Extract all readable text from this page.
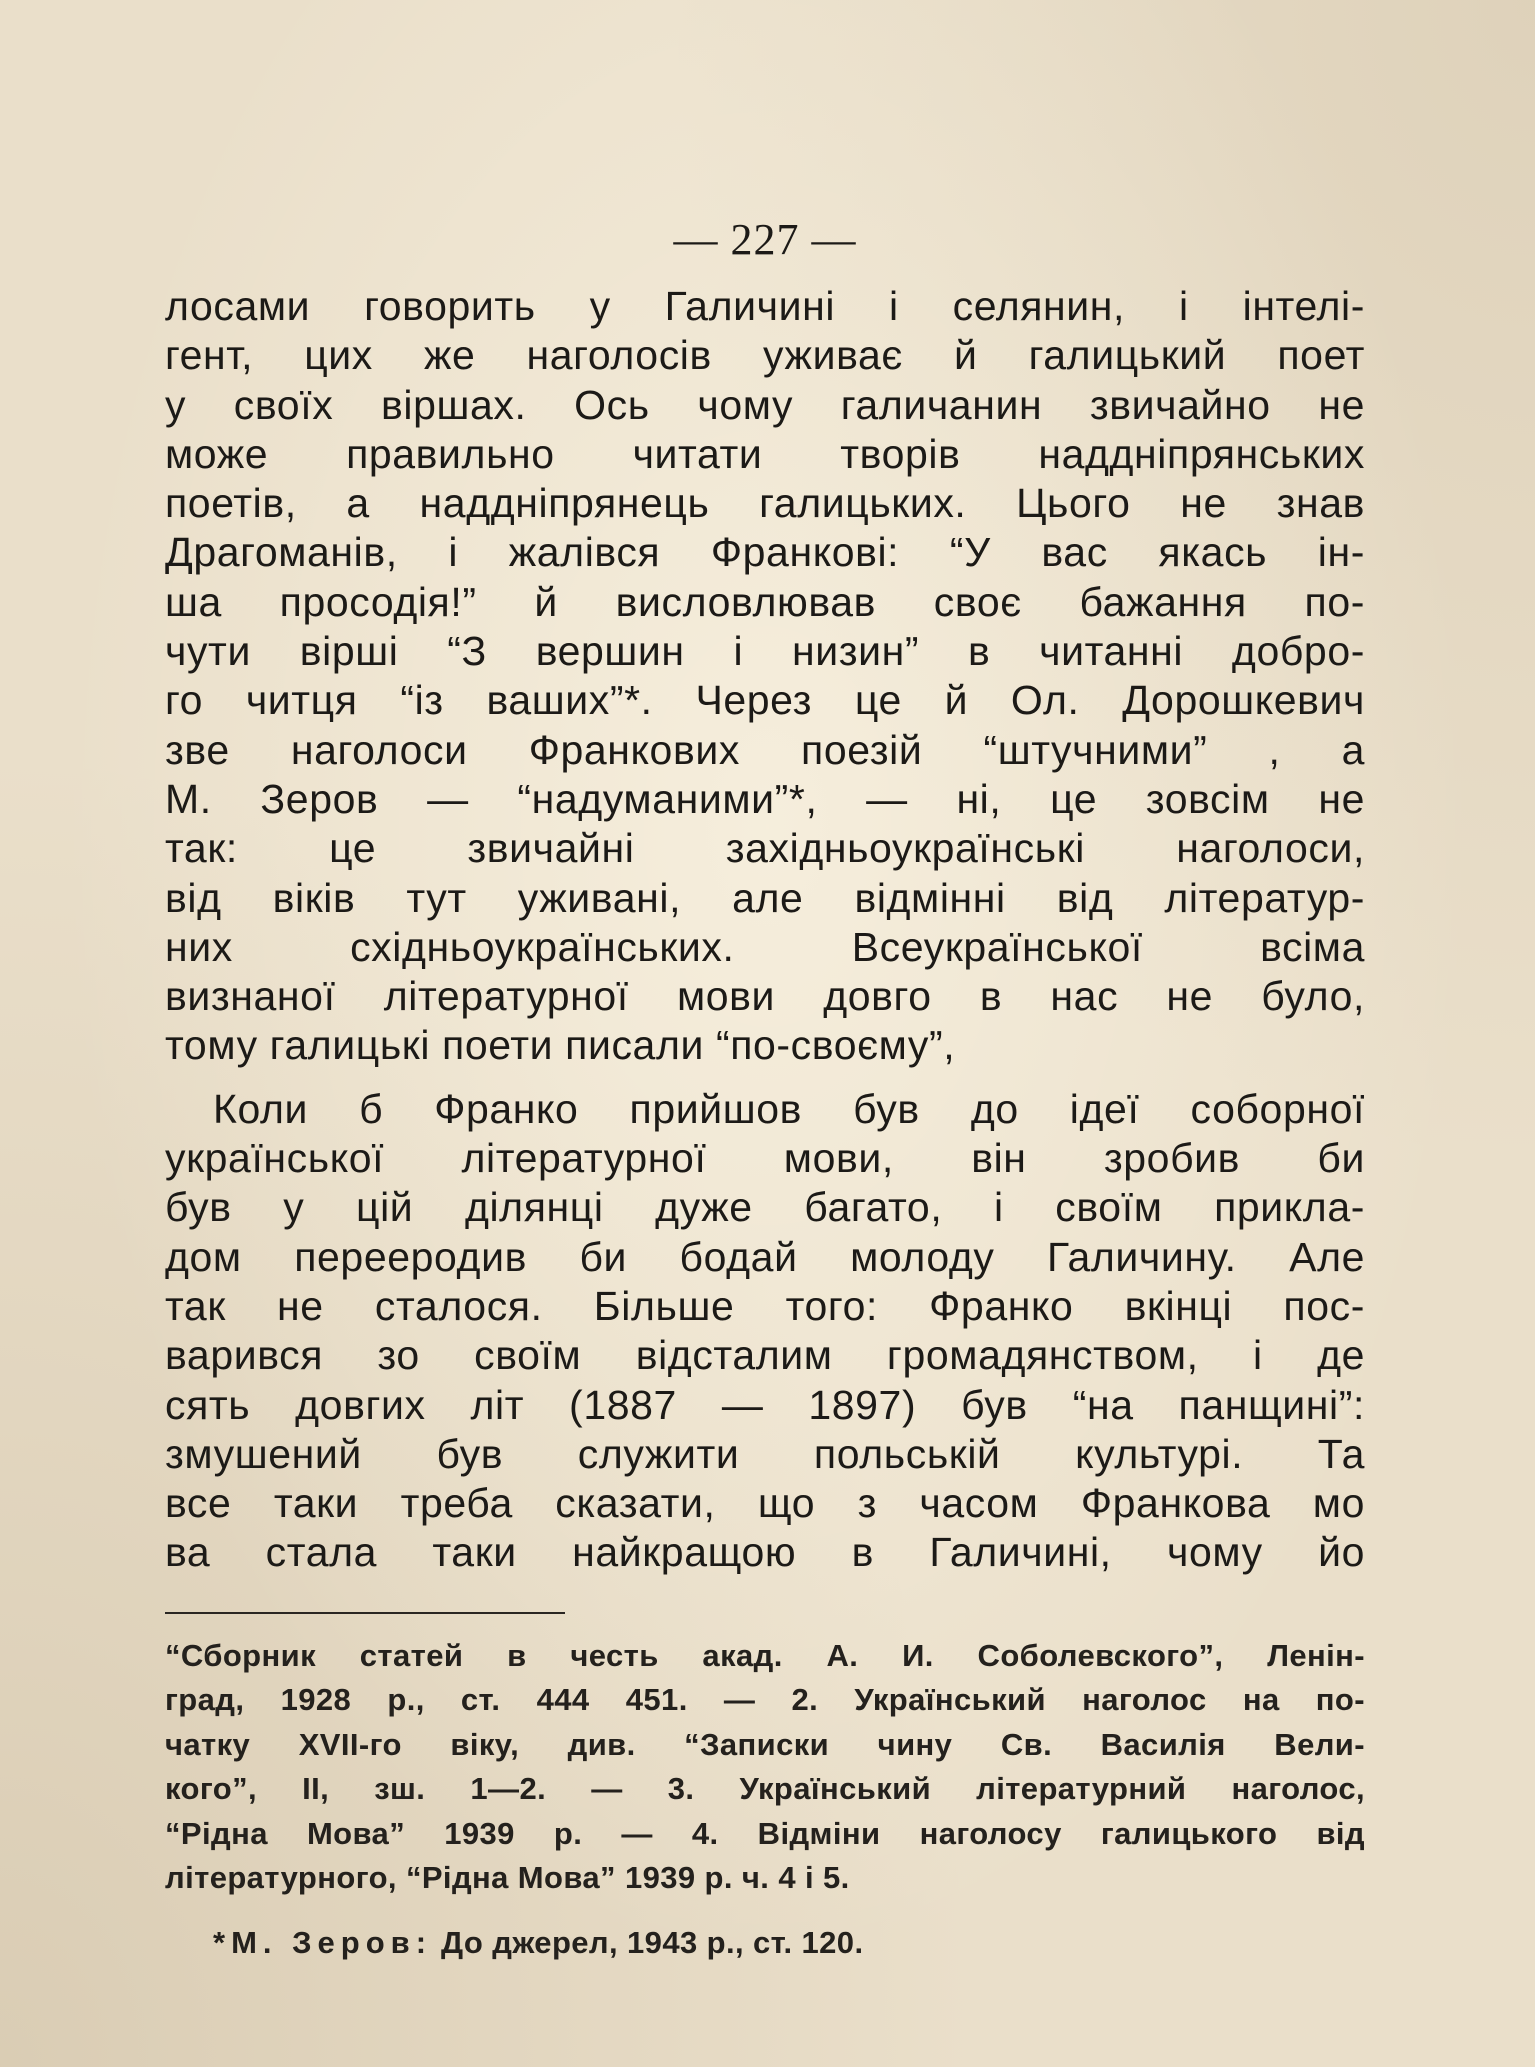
— 227 —
лосами говорить у Галичині і селянин, і інтелі-
гент, цих же наголосів уживає й галицький поет
у своїх віршах. Ось чому галичанин звичайно не
може правильно читати творів наддніпрянських
поетів, а наддніпрянець галицьких. Цього не знав
Драгоманів, і жалівся Франкові: “У вас якась ін-
ша просодія!” й висловлював своє бажання по-
чути вірші “З вершин і низин” в читанні добро-
го читця “із ваших”*. Через це й Ол. Дорошкевич
зве наголоси Франкових поезій “штучними” , а
М. Зеров — “надуманими”*, — ні, це зовсім не
так: це звичайні західньоукраїнські наголоси,
від віків тут уживані, але відмінні від літератур-
них східньоукраїнських. Всеукраїнської всіма
визнаної літературної мови довго в нас не було,
тому галицькі поети писали “по-своєму”,
Коли б Франко прийшов був до ідеї соборної
української літературної мови, він зробив би
був у цій ділянці дуже багато, і своїм прикла-
дом перееродив би бодай молоду Галичину. Але
так не сталося. Більше того: Франко вкінці пос-
варився зо своїм відсталим громадянством, і де
сять довгих літ (1887 — 1897) був “на панщині”:
змушений був служити польській культурі. Та
все таки треба сказати, що з часом Франкова мо
ва стала таки найкращою в Галичині, чому йо
“Сборник статей в честь акад. А. И. Соболевского”, Ленін-
град, 1928 р., ст. 444 451. — 2. Український наголос на по-
чатку XVII-го віку, див. “Записки чину Св. Василія Вели-
кого”, II, зш. 1—2. — 3. Український літературний наголос,
“Рідна Мова” 1939 р. — 4. Відміни наголосу галицького від
літературного, “Рідна Мова” 1939 р. ч. 4 і 5.
*М. Зеров: До джерел, 1943 р., ст. 120.
